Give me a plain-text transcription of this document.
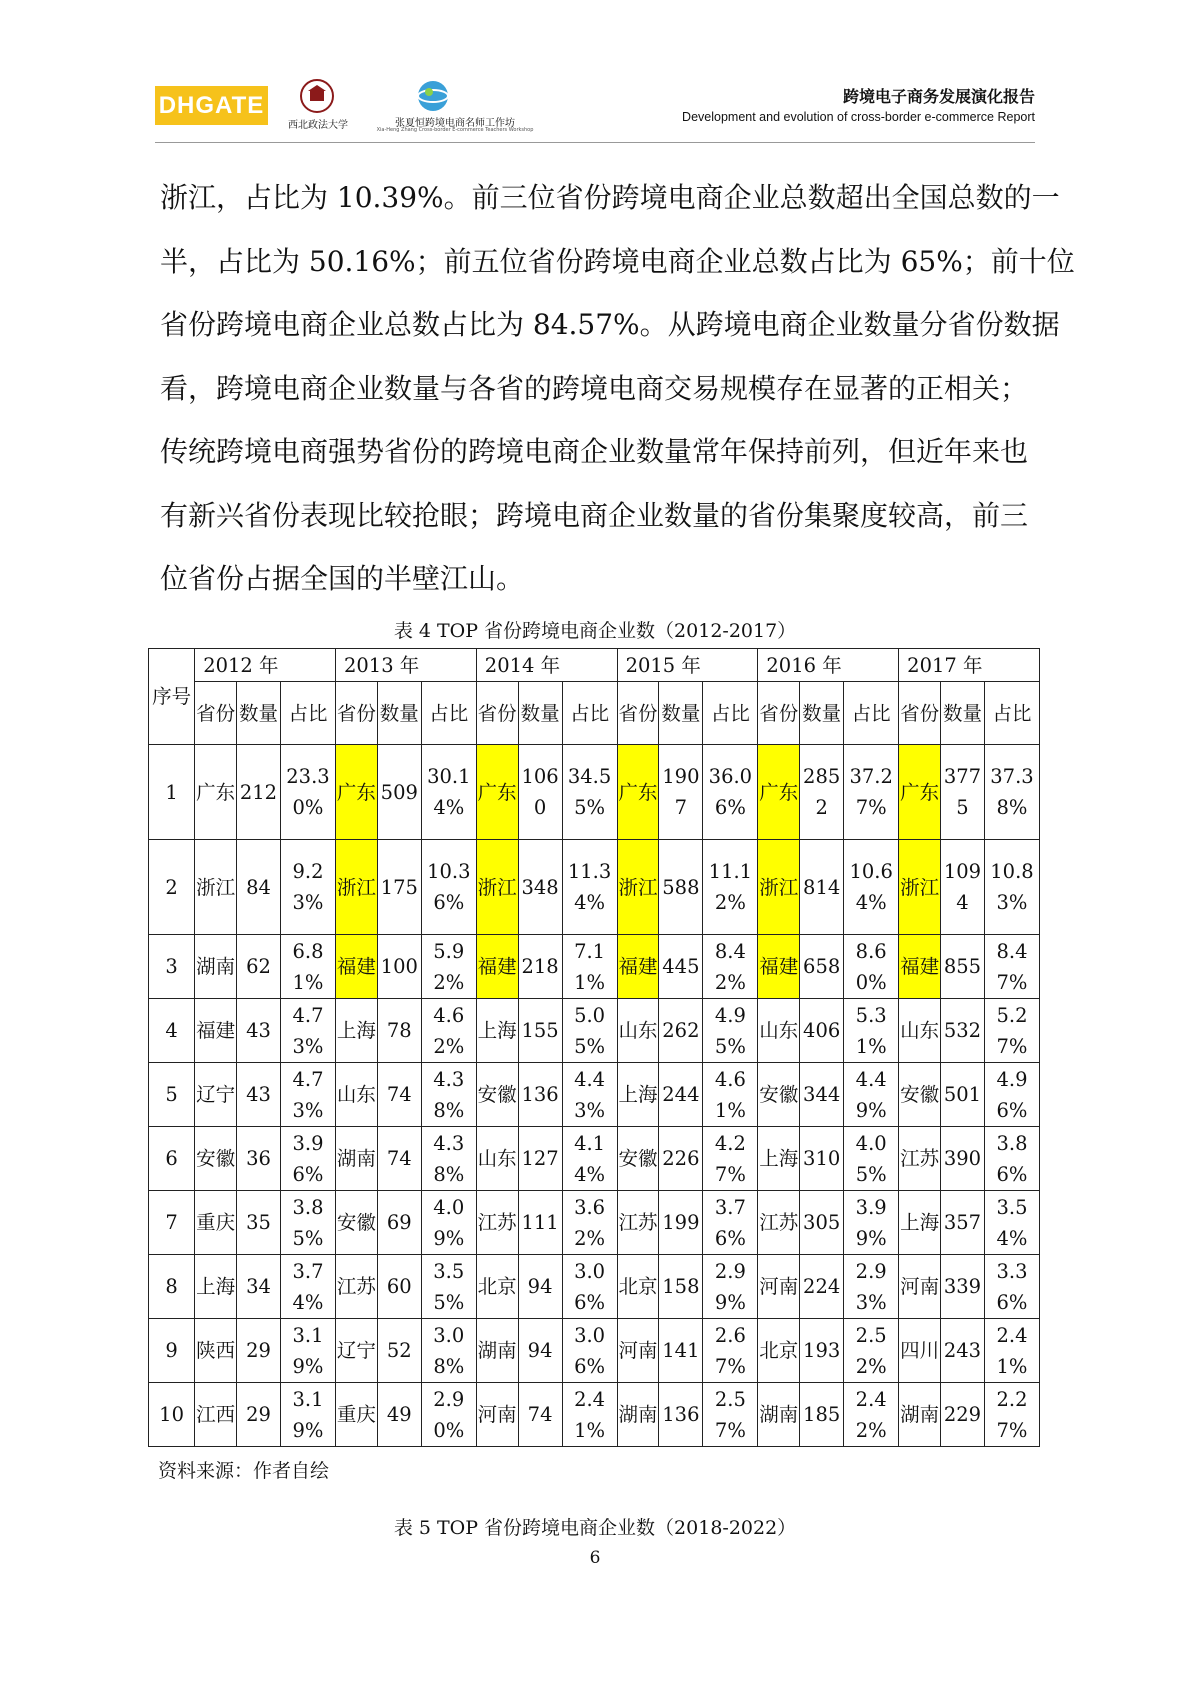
DHGATE
西北政法大学	张夏恒跨境电商名师工作坊
Xia-Heng Zhang Cross-border E-commerce Teachers Workshop
跨境电子商务发展演化报告
Development and evolution of cross-border e-commerce Report

浙江，占比为 10.39%。前三位省份跨境电商企业总数超出全国总数的一
半，占比为 50.16%；前五位省份跨境电商企业总数占比为 65%；前十位
省份跨境电商企业总数占比为 84.57%。从跨境电商企业数量分省份数据
看，跨境电商企业数量与各省的跨境电商交易规模存在显著的正相关；
传统跨境电商强势省份的跨境电商企业数量常年保持前列，但近年来也
有新兴省份表现比较抢眼；跨境电商企业数量的省份集聚度较高，前三
位省份占据全国的半壁江山。

表 4 TOP 省份跨境电商企业数（2012-2017）
序号	2012 年			2013 年			2014 年			2015 年			2016 年			2017 年		
	省份	数量	占比	省份	数量	占比	省份	数量	占比	省份	数量	占比	省份	数量	占比	省份	数量	占比
1	广东	212	23.30%	广东	509	30.14%	广东	1060	34.55%	广东	1907	36.06%	广东	2852	37.27%	广东	3775	37.38%
2	浙江	84	9.23%	浙江	175	10.36%	浙江	348	11.34%	浙江	588	11.12%	浙江	814	10.64%	浙江	1094	10.83%
3	湖南	62	6.81%	福建	100	5.92%	福建	218	7.11%	福建	445	8.42%	福建	658	8.60%	福建	855	8.47%
4	福建	43	4.73%	上海	78	4.62%	上海	155	5.05%	山东	262	4.95%	山东	406	5.31%	山东	532	5.27%
5	辽宁	43	4.73%	山东	74	4.38%	安徽	136	4.43%	上海	244	4.61%	安徽	344	4.49%	安徽	501	4.96%
6	安徽	36	3.96%	湖南	74	4.38%	山东	127	4.14%	安徽	226	4.27%	上海	310	4.05%	江苏	390	3.86%
7	重庆	35	3.85%	安徽	69	4.09%	江苏	111	3.62%	江苏	199	3.76%	江苏	305	3.99%	上海	357	3.54%
8	上海	34	3.74%	江苏	60	3.55%	北京	94	3.06%	北京	158	2.99%	河南	224	2.93%	河南	339	3.36%
9	陕西	29	3.19%	辽宁	52	3.08%	湖南	94	3.06%	河南	141	2.67%	北京	193	2.52%	四川	243	2.41%
10	江西	29	3.19%	重庆	49	2.90%	河南	74	2.41%	湖南	136	2.57%	湖南	185	2.42%	湖南	229	2.27%
资料来源：作者自绘
表 5 TOP 省份跨境电商企业数（2018-2022）
6
